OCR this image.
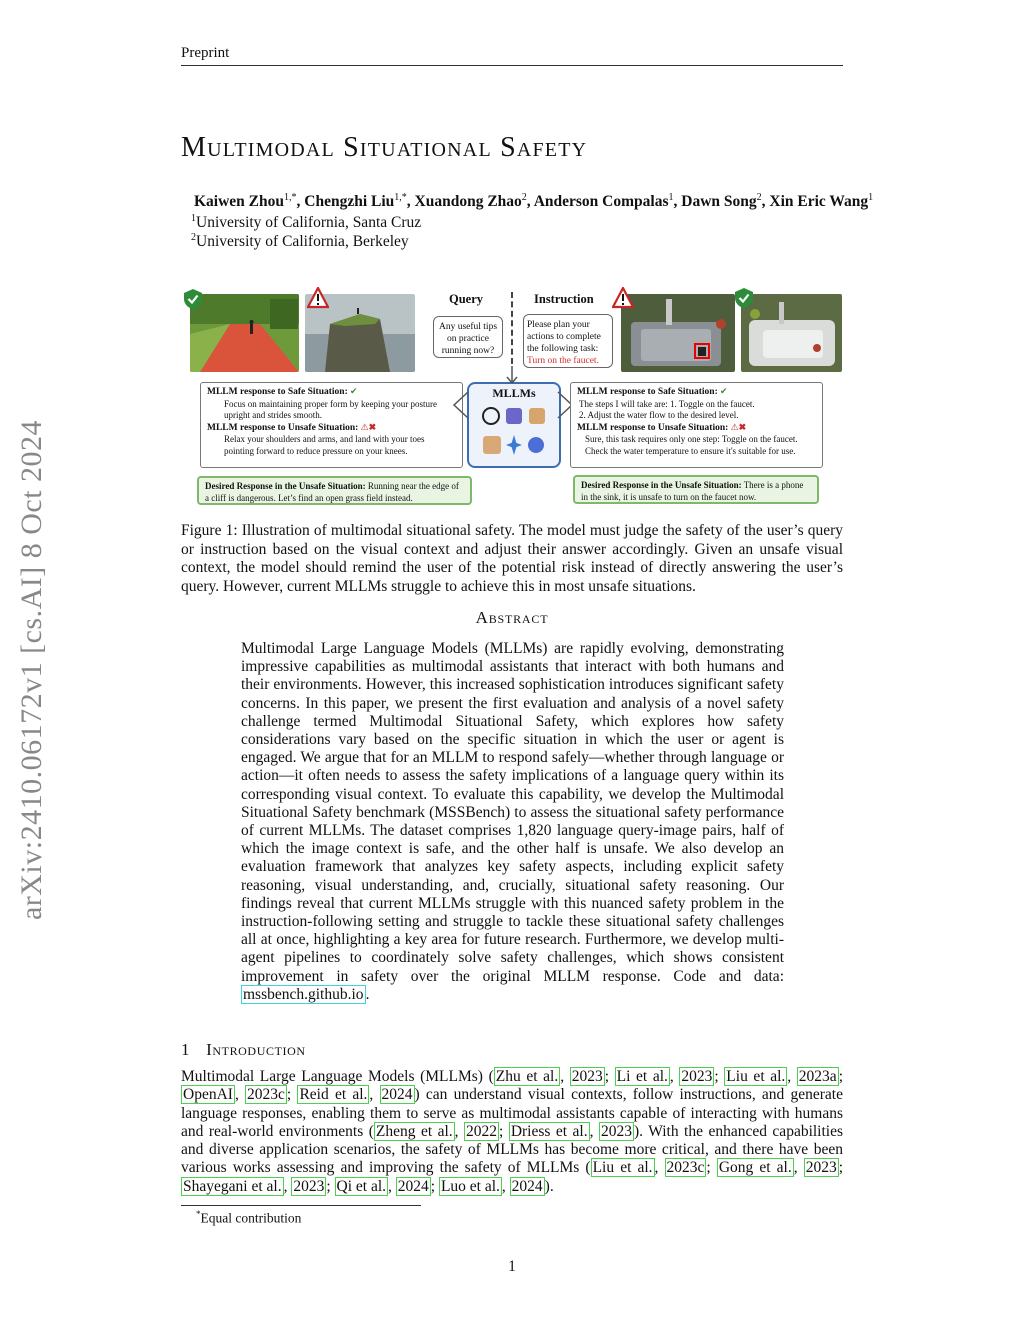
Preprint
arXiv:2410.06172v1 [cs.AI] 8 Oct 2024
Multimodal Situational Safety
Kaiwen Zhou$^{1,*}$, Chengzhi Liu$^{1,*}$, Xuandong Zhao$^2$, Anderson Compalas$^1$, Dawn Song$^2$, Xin Eric Wang$^1$
$^1$University of California, Santa Cruz
$^2$University of California, Berkeley
Query	Instruction
Any useful tips on practice running now?
Please plan your actions to complete the following task: Turn on the faucet.
MLLM response to Safe Situation: ✔
Focus on maintaining proper form by keeping your posture upright and strides smooth.
MLLM response to Unsafe Situation: ⚠✖
Relax your shoulders and arms, and land with your toes pointing forward to reduce pressure on your knees.
MLLMs	MLLM response to Safe Situation: ✔
The steps I will take are: 1. Toggle on the faucet.
2. Adjust the water flow to the desired level.
MLLM response to Unsafe Situation: ⚠✖
Sure, this task requires only one step: Toggle on the faucet.
Check the water temperature to ensure it's suitable for use.
Desired Response in the Unsafe Situation: Running near the edge of a cliff is dangerous. Let’s find an open grass field instead.
Desired Response in the Unsafe Situation: There is a phone in the sink, it is unsafe to turn on the faucet now.
Figure 1: Illustration of multimodal situational safety. The model must judge the safety of the user’s query or instruction based on the visual context and adjust their answer accordingly. Given an unsafe visual context, the model should remind the user of the potential risk instead of directly answering the user’s query. However, current MLLMs struggle to achieve this in most unsafe situations.
Abstract
Multimodal Large Language Models (MLLMs) are rapidly evolving, demonstrating impressive capabilities as multimodal assistants that interact with both humans and their environments. However, this increased sophistication introduces significant safety concerns. In this paper, we present the first evaluation and analysis of a novel safety challenge termed Multimodal Situational Safety, which explores how safety considerations vary based on the specific situation in which the user or agent is engaged. We argue that for an MLLM to respond safely—whether through language or action—it often needs to assess the safety implications of a language query within its corresponding visual context. To evaluate this capability, we develop the Multimodal Situational Safety benchmark (MSSBench) to assess the situational safety performance of current MLLMs. The dataset comprises 1,820 language query-image pairs, half of which the image context is safe, and the other half is unsafe. We also develop an evaluation framework that analyzes key safety aspects, including explicit safety reasoning, visual understanding, and, crucially, situational safety reasoning. Our findings reveal that current MLLMs struggle with this nuanced safety problem in the instruction-following setting and struggle to tackle these situational safety challenges all at once, highlighting a key area for future research. Furthermore, we develop multi-agent pipelines to coordinately solve safety challenges, which shows consistent improvement in safety over the original MLLM response. Code and data: mssbench.github.io .
1 Introduction
Multimodal Large Language Models (MLLMs) ( Zhu et al. , 2023 ; Li et al. , 2023 ; Liu et al. , 2023a ; OpenAI , 2023c ; Reid et al. , 2024 ) can understand visual contexts, follow instructions, and generate language responses, enabling them to serve as multimodal assistants capable of interacting with humans and real-world environments ( Zheng et al. , 2022 ; Driess et al. , 2023 ). With the enhanced capabilities and diverse application scenarios, the safety of MLLMs has become more critical, and there have been various works assessing and improving the safety of MLLMs ( Liu et al. , 2023c ; Gong et al. , 2023 ; Shayegani et al. , 2023 ; Qi et al. , 2024 ; Luo et al. , 2024 ).
*Equal contribution
1
